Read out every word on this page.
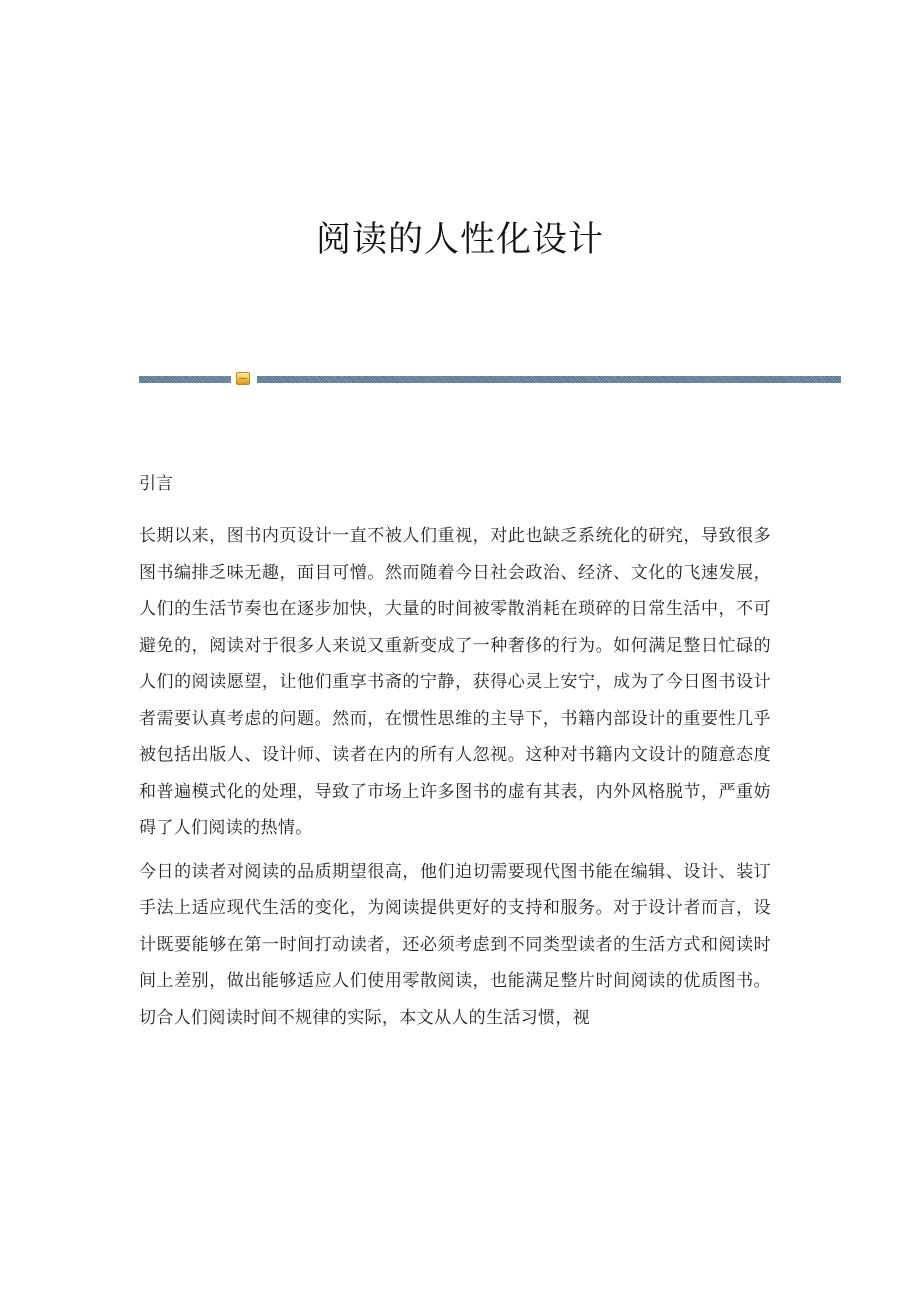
阅读的人性化设计
引言

长期以来，图书内页设计一直不被人们重视，对此也缺乏系统化的研究，导致很多图书编排乏味无趣，面目可憎。然而随着今日社会政治、经济、文化的飞速发展，人们的生活节奏也在逐步加快，大量的时间被零散消耗在琐碎的日常生活中，不可避免的，阅读对于很多人来说又重新变成了一种奢侈的行为。如何满足整日忙碌的人们的阅读愿望，让他们重享书斋的宁静，获得心灵上安宁，成为了今日图书设计者需要认真考虑的问题。然而，在惯性思维的主导下，书籍内部设计的重要性几乎被包括出版人、设计师、读者在内的所有人忽视。这种对书籍内文设计的随意态度和普遍模式化的处理，导致了市场上许多图书的虚有其表，内外风格脱节，严重妨碍了人们阅读的热情。

今日的读者对阅读的品质期望很高，他们迫切需要现代图书能在编辑、设计、装订手法上适应现代生活的变化，为阅读提供更好的支持和服务。对于设计者而言，设计既要能够在第一时间打动读者，还必须考虑到不同类型读者的生活方式和阅读时间上差别，做出能够适应人们使用零散阅读，也能满足整片时间阅读的优质图书。切合人们阅读时间不规律的实际，本文从人的生活习惯，视
